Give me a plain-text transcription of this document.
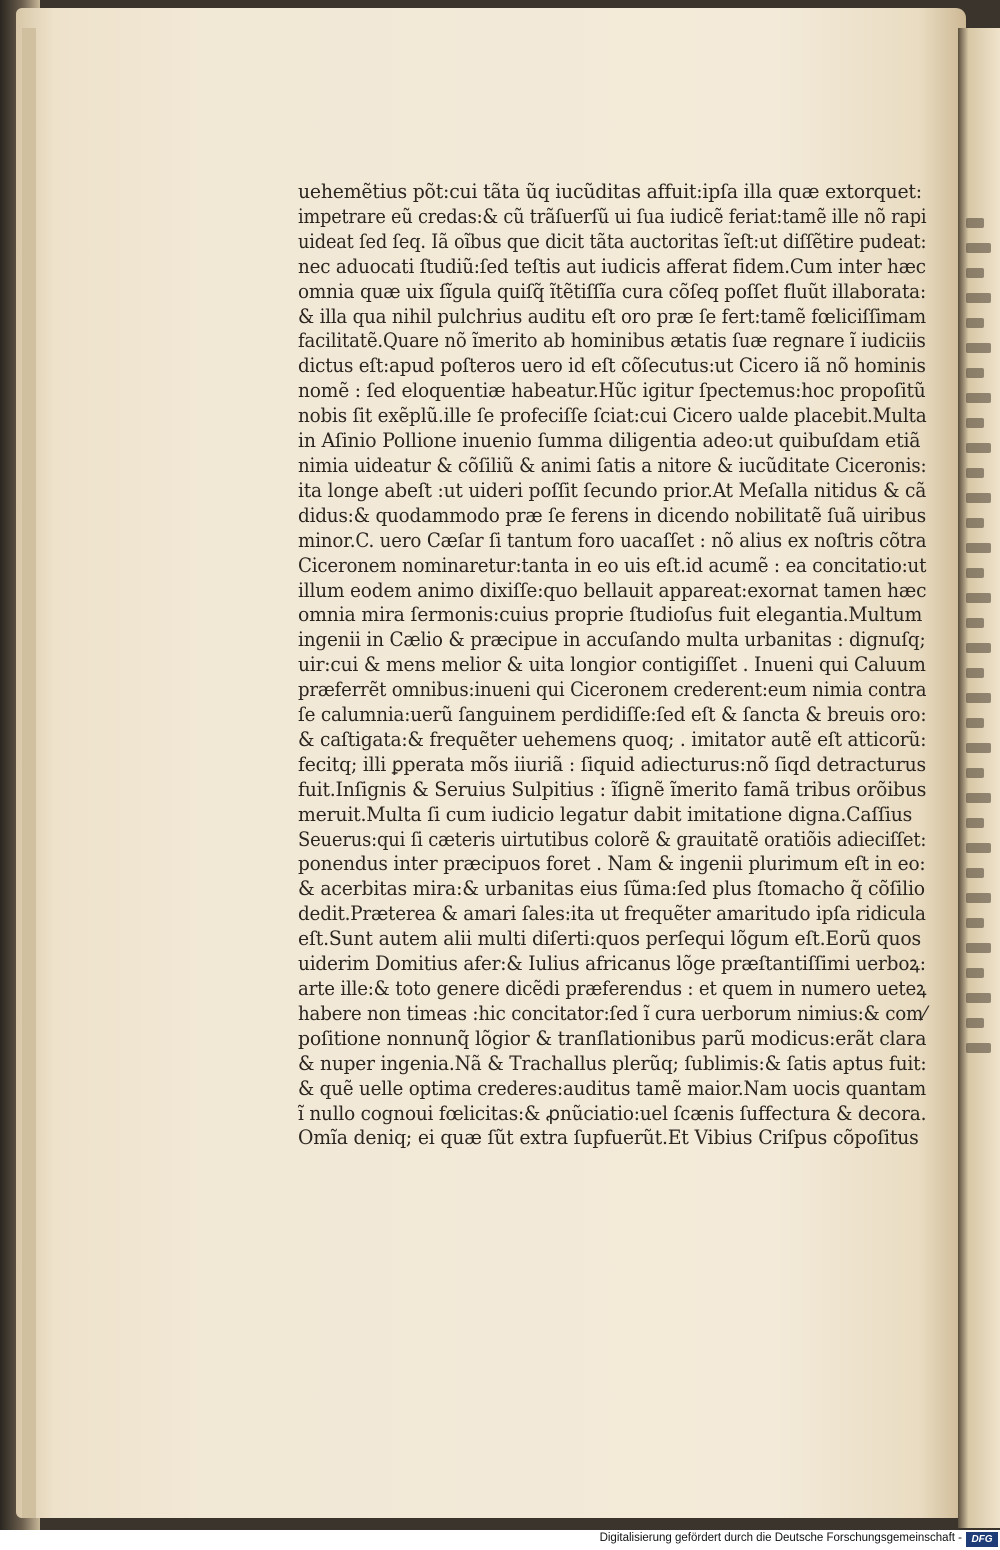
uehemẽtius põt:cui tãta ũq iucũditas affuit:ipſa illa quæ extorquet:
impetrare eũ credas:& cũ trãſuerſũ ui ſua iudicẽ feriat:tamẽ ille nõ rapi
uideat ſed ſeq. Iã oĩbus que dicit tãta auctoritas ĩeſt:ut diſſẽtire pudeat:
nec aduocati ſtudiũ:ſed teſtis aut iudicis afferat fidem.Cum inter hæc
omnia quæ uix ſĩgula quiſq̃ ĩtẽtiſſĩa cura cõſeq poſſet fluũt illaborata:
& illa qua nihil pulchrius auditu eſt oro præ ſe fert:tamẽ fœliciſſimam
facilitatẽ.Quare nõ ĩmerito ab hominibus ætatis ſuæ regnare ĩ iudiciis
dictus eſt:apud poſteros uero id eſt cõſecutus:ut Cicero iã nõ hominis
nomẽ : ſed eloquentiæ habeatur.Hũc igitur ſpectemus:hoc propoſitũ
nobis ſit exẽplũ.ille ſe profeciſſe ſciat:cui Cicero ualde placebit.Multa
in Aſinio Pollione inuenio ſumma diligentia adeo:ut quibuſdam etiã
nimia uideatur & cõſiliũ & animi ſatis a nitore & iucũditate Ciceronis:
ita longe abeſt :ut uideri poſſit ſecundo prior.At Meſalla nitidus & cã
didus:& quodammodo præ ſe ferens in dicendo nobilitatẽ ſuã uiribus
minor.C. uero Cæſar ſi tantum foro uacaſſet : nõ alius ex noſtris cõtra
Ciceronem nominaretur:tanta in eo uis eſt.id acumẽ : ea concitatio:ut
illum eodem animo dixiſſe:quo bellauit appareat:exornat tamen hæc
omnia mira ſermonis:cuius proprie ſtudioſus fuit elegantia.Multum
ingenii in Cælio & præcipue in accuſando multa urbanitas : dignuſq;
uir:cui & mens melior & uita longior contigiſſet . Inueni qui Caluum
præferrẽt omnibus:inueni qui Ciceronem crederent:eum nimia contra
ſe calumnia:uerũ ſanguinem perdidiſſe:ſed eſt & ſancta & breuis oro:
& caſtigata:& frequẽter uehemens quoq; . imitator autẽ eſt atticorũ:
fecitq; illi ꝑperata mõs iiuriã : ſiquid adiecturus:nõ ſiqd detracturus
fuit.Inſignis & Seruius Sulpitius : ĩſignẽ ĩmerito famã tribus orõibus
meruit.Multa ſi cum iudicio legatur dabit imitatione digna.Caſſius
Seuerus:qui ſi cæteris uirtutibus colorẽ & grauitatẽ oratiõis adieciſſet:
ponendus inter præcipuos foret . Nam & ingenii plurimum eſt in eo:
& acerbitas mira:& urbanitas eius ſũma:ſed plus ſtomacho q̃ cõſilio
dedit.Præterea & amari ſales:ita ut frequẽter amaritudo ipſa ridicula
eſt.Sunt autem alii multi diſerti:quos perſequi lõgum eſt.Eorũ quos
uiderim Domitius afer:& Iulius africanus lõge præſtantiſſimi uerboꝝ:
arte ille:& toto genere dicẽdi præferendus : et quem in numero ueteꝝ
habere non timeas :hic concitator:ſed ĩ cura uerborum nimius:& com⁄
poſitione nonnunq̃ lõgior & tranſlationibus parũ modicus:erãt clara
& nuper ingenia.Nã & Trachallus plerũq; ſublimis:& ſatis aptus fuit:
& quẽ uelle optima crederes:auditus tamẽ maior.Nam uocis quantam
ĩ nullo cognoui fœlicitas:& ꝓnũciatio:uel ſcænis ſuffectura & decora.
Omĩa deniq; ei quæ ſũt extra ſupfuerũt.Et Vibius Criſpus cõpoſitus
Digitalisierung gefördert durch die Deutsche Forschungsgemeinschaft - DFG
